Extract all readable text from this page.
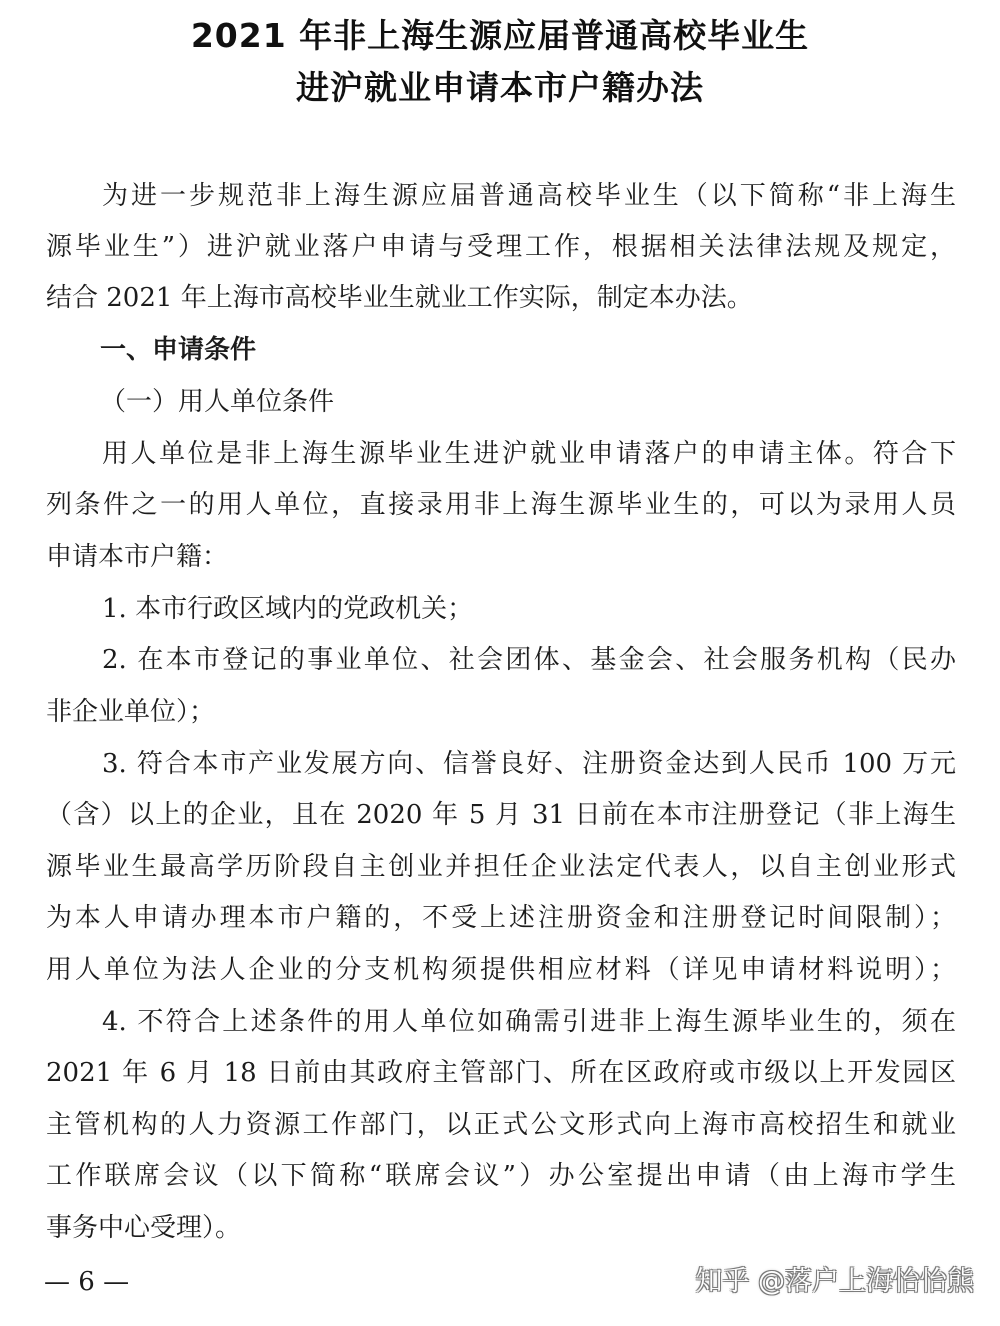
2021 年非上海生源应届普通高校毕业生
进沪就业申请本市户籍办法
为进一步规范非上海生源应届普通高校毕业生（以下简称“非上海生
源毕业生”）进沪就业落户申请与受理工作，根据相关法律法规及规定，
结合 2021 年上海市高校毕业生就业工作实际，制定本办法。
一、申请条件
（一）用人单位条件
用人单位是非上海生源毕业生进沪就业申请落户的申请主体。符合下
列条件之一的用人单位，直接录用非上海生源毕业生的，可以为录用人员
申请本市户籍：
1. 本市行政区域内的党政机关；
2. 在本市登记的事业单位、社会团体、基金会、社会服务机构（民办
非企业单位）；
3. 符合本市产业发展方向、信誉良好、注册资金达到人民币 100 万元
（含）以上的企业，且在 2020 年 5 月 31 日前在本市注册登记（非上海生
源毕业生最高学历阶段自主创业并担任企业法定代表人，以自主创业形式
为本人申请办理本市户籍的，不受上述注册资金和注册登记时间限制）；
用人单位为法人企业的分支机构须提供相应材料（详见申请材料说明）；
4. 不符合上述条件的用人单位如确需引进非上海生源毕业生的，须在
2021 年 6 月 18 日前由其政府主管部门、所在区政府或市级以上开发园区
主管机构的人力资源工作部门，以正式公文形式向上海市高校招生和就业
工作联席会议（以下简称“联席会议”）办公室提出申请（由上海市学生
事务中心受理）。
— 6 —	知乎 @落户上海怡怡熊
